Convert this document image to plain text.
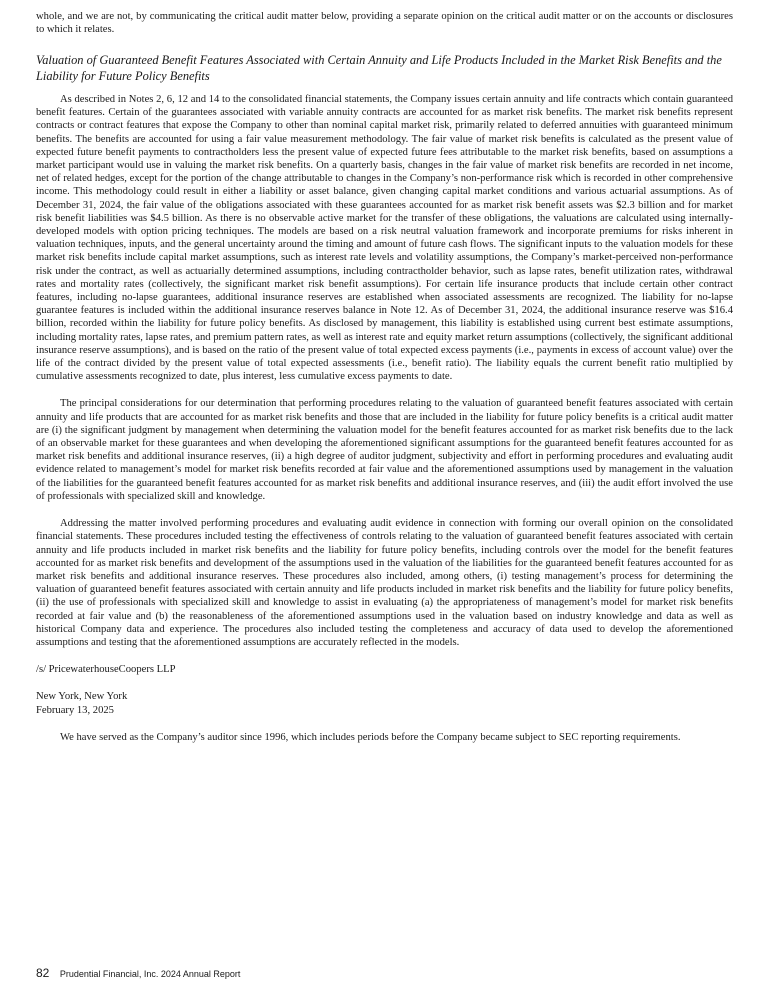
whole, and we are not, by communicating the critical audit matter below, providing a separate opinion on the critical audit matter or on the accounts or disclosures to which it relates.

Valuation of Guaranteed Benefit Features Associated with Certain Annuity and Life Products Included in the Market Risk Benefits and the Liability for Future Policy Benefits

As described in Notes 2, 6, 12 and 14 to the consolidated financial statements, the Company issues certain annuity and life contracts which contain guaranteed benefit features. Certain of the guarantees associated with variable annuity contracts are accounted for as market risk benefits. The market risk benefits represent contracts or contract features that expose the Company to other than nominal capital market risk, primarily related to deferred annuities with guaranteed minimum benefits. The benefits are accounted for using a fair value measurement methodology. The fair value of market risk benefits is calculated as the present value of expected future benefit payments to contractholders less the present value of expected future fees attributable to the market risk benefits, based on assumptions a market participant would use in valuing the market risk benefits. On a quarterly basis, changes in the fair value of market risk benefits are recorded in net income, net of related hedges, except for the portion of the change attributable to changes in the Company’s non-performance risk which is recorded in other comprehensive income. This methodology could result in either a liability or asset balance, given changing capital market conditions and various actuarial assumptions. As of December 31, 2024, the fair value of the obligations associated with these guarantees accounted for as market risk benefit assets was $2.3 billion and for market risk benefit liabilities was $4.5 billion. As there is no observable active market for the transfer of these obligations, the valuations are calculated using internally-developed models with option pricing techniques. The models are based on a risk neutral valuation framework and incorporate premiums for risks inherent in valuation techniques, inputs, and the general uncertainty around the timing and amount of future cash flows. The significant inputs to the valuation models for these market risk benefits include capital market assumptions, such as interest rate levels and volatility assumptions, the Company’s market-perceived non-performance risk under the contract, as well as actuarially determined assumptions, including contractholder behavior, such as lapse rates, benefit utilization rates, withdrawal rates and mortality rates (collectively, the significant market risk benefit assumptions). For certain life insurance products that include certain other contract features, including no-lapse guarantees, additional insurance reserves are established when associated assessments are recognized. The liability for no-lapse guarantee features is included within the additional insurance reserves balance in Note 12. As of December 31, 2024, the additional insurance reserve was $16.4 billion, recorded within the liability for future policy benefits. As disclosed by management, this liability is established using current best estimate assumptions, including mortality rates, lapse rates, and premium pattern rates, as well as interest rate and equity market return assumptions (collectively, the significant additional insurance reserve assumptions), and is based on the ratio of the present value of total expected excess payments (i.e., payments in excess of account value) over the life of the contract divided by the present value of total expected assessments (i.e., benefit ratio). The liability equals the current benefit ratio multiplied by cumulative assessments recognized to date, plus interest, less cumulative excess payments to date.

The principal considerations for our determination that performing procedures relating to the valuation of guaranteed benefit features associated with certain annuity and life products that are accounted for as market risk benefits and those that are included in the liability for future policy benefits is a critical audit matter are (i) the significant judgment by management when determining the valuation model for the benefit features accounted for as market risk benefits due to the lack of an observable market for these guarantees and when developing the aforementioned significant assumptions for the guaranteed benefit features accounted for as market risk benefits and additional insurance reserves, (ii) a high degree of auditor judgment, subjectivity and effort in performing procedures and evaluating audit evidence related to management’s model for market risk benefits recorded at fair value and the aforementioned assumptions used by management in the valuation of the liabilities for the guaranteed benefit features accounted for as market risk benefits and additional insurance reserves, and (iii) the audit effort involved the use of professionals with specialized skill and knowledge.

Addressing the matter involved performing procedures and evaluating audit evidence in connection with forming our overall opinion on the consolidated financial statements. These procedures included testing the effectiveness of controls relating to the valuation of guaranteed benefit features associated with certain annuity and life products included in market risk benefits and the liability for future policy benefits, including controls over the model for the benefit features accounted for as market risk benefits and development of the assumptions used in the valuation of the liabilities for the guaranteed benefit features accounted for as market risk benefits and additional insurance reserves. These procedures also included, among others, (i) testing management’s process for determining the valuation of guaranteed benefit features associated with certain annuity and life products included in market risk benefits and the liability for future policy benefits, (ii) the use of professionals with specialized skill and knowledge to assist in evaluating (a) the appropriateness of management’s model for market risk benefits recorded at fair value and (b) the reasonableness of the aforementioned assumptions used in the valuation based on industry knowledge and data as well as historical Company data and experience. The procedures also included testing the completeness and accuracy of data used to develop the aforementioned assumptions and testing that the aforementioned assumptions are accurately reflected in the models.

/s/ PricewaterhouseCoopers LLP

New York, New York

February 13, 2025

We have served as the Company’s auditor since 1996, which includes periods before the Company became subject to SEC reporting requirements.

82 Prudential Financial, Inc. 2024 Annual Report
